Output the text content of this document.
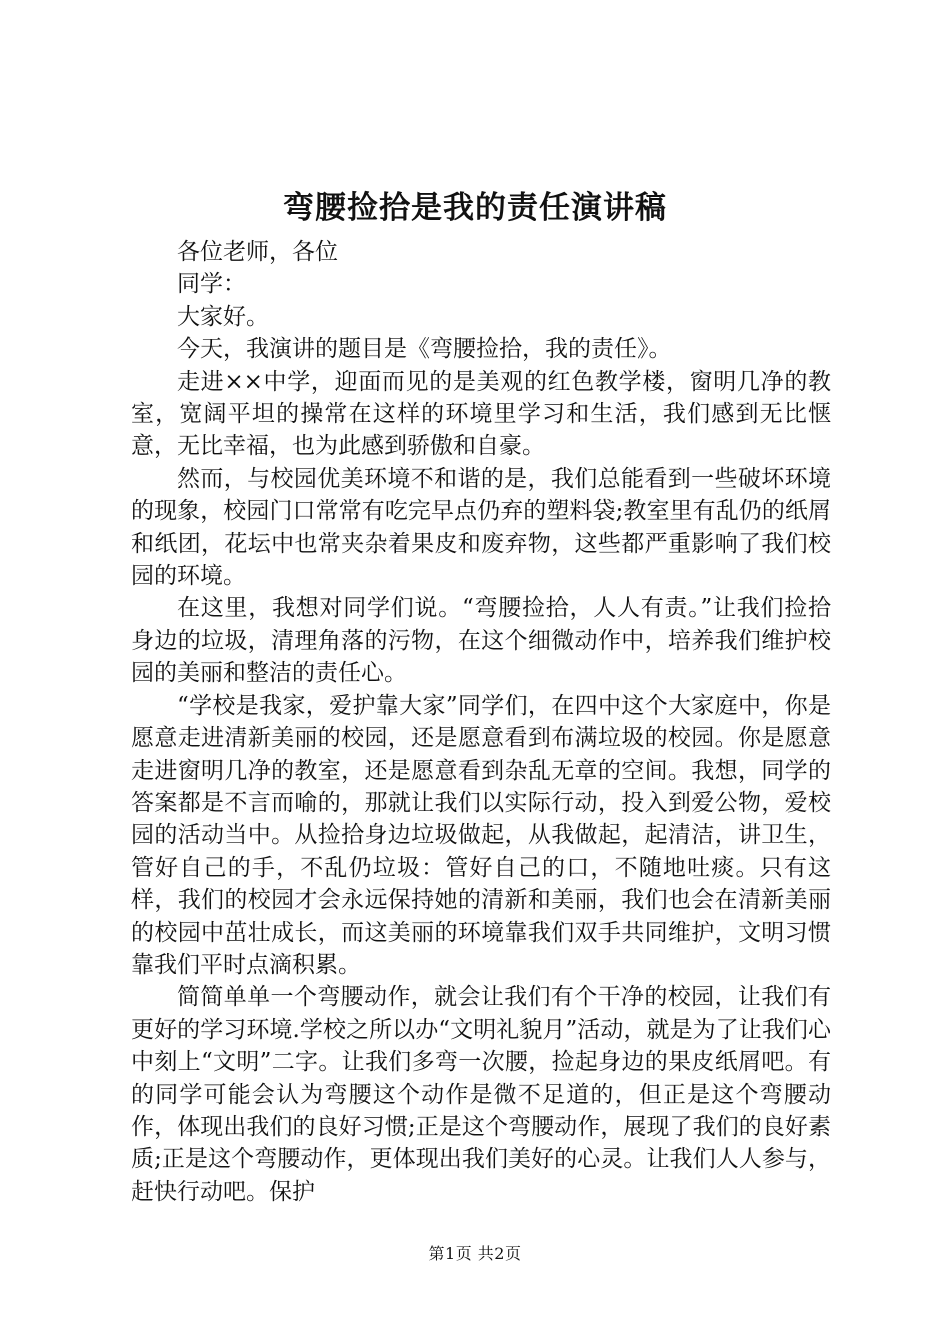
弯腰捡拾是我的责任演讲稿

各位老师，各位

同学：

大家好。

今天，我演讲的题目是《弯腰捡拾，我的责任》。

走进××中学，迎面而见的是美观的红色教学楼，窗明几净的教室，宽阔平坦的操常在这样的环境里学习和生活，我们感到无比惬意，无比幸福，也为此感到骄傲和自豪。

然而，与校园优美环境不和谐的是，我们总能看到一些破坏环境的现象，校园门口常常有吃完早点仍弃的塑料袋;教室里有乱仍的纸屑和纸团，花坛中也常夹杂着果皮和废弃物，这些都严重影响了我们校园的环境。

在这里，我想对同学们说。“弯腰捡拾，人人有责。”让我们捡拾身边的垃圾，清理角落的污物，在这个细微动作中，培养我们维护校园的美丽和整洁的责任心。

“学校是我家，爱护靠大家”同学们，在四中这个大家庭中，你是愿意走进清新美丽的校园，还是愿意看到布满垃圾的校园。你是愿意走进窗明几净的教室，还是愿意看到杂乱无章的空间。我想，同学的答案都是不言而喻的，那就让我们以实际行动，投入到爱公物，爱校园的活动当中。从捡拾身边垃圾做起，从我做起，起清洁，讲卫生，管好自己的手，不乱仍垃圾：管好自己的口，不随地吐痰。只有这样，我们的校园才会永远保持她的清新和美丽，我们也会在清新美丽的校园中茁壮成长，而这美丽的环境靠我们双手共同维护，文明习惯靠我们平时点滴积累。

简简单单一个弯腰动作，就会让我们有个干净的校园，让我们有更好的学习环境.学校之所以办“文明礼貌月”活动，就是为了让我们心中刻上“文明”二字。让我们多弯一次腰，捡起身边的果皮纸屑吧。有的同学可能会认为弯腰这个动作是微不足道的，但正是这个弯腰动作，体现出我们的良好习惯;正是这个弯腰动作，展现了我们的良好素质;正是这个弯腰动作，更体现出我们美好的心灵。让我们人人参与，赶快行动吧。保护

第1页 共2页
